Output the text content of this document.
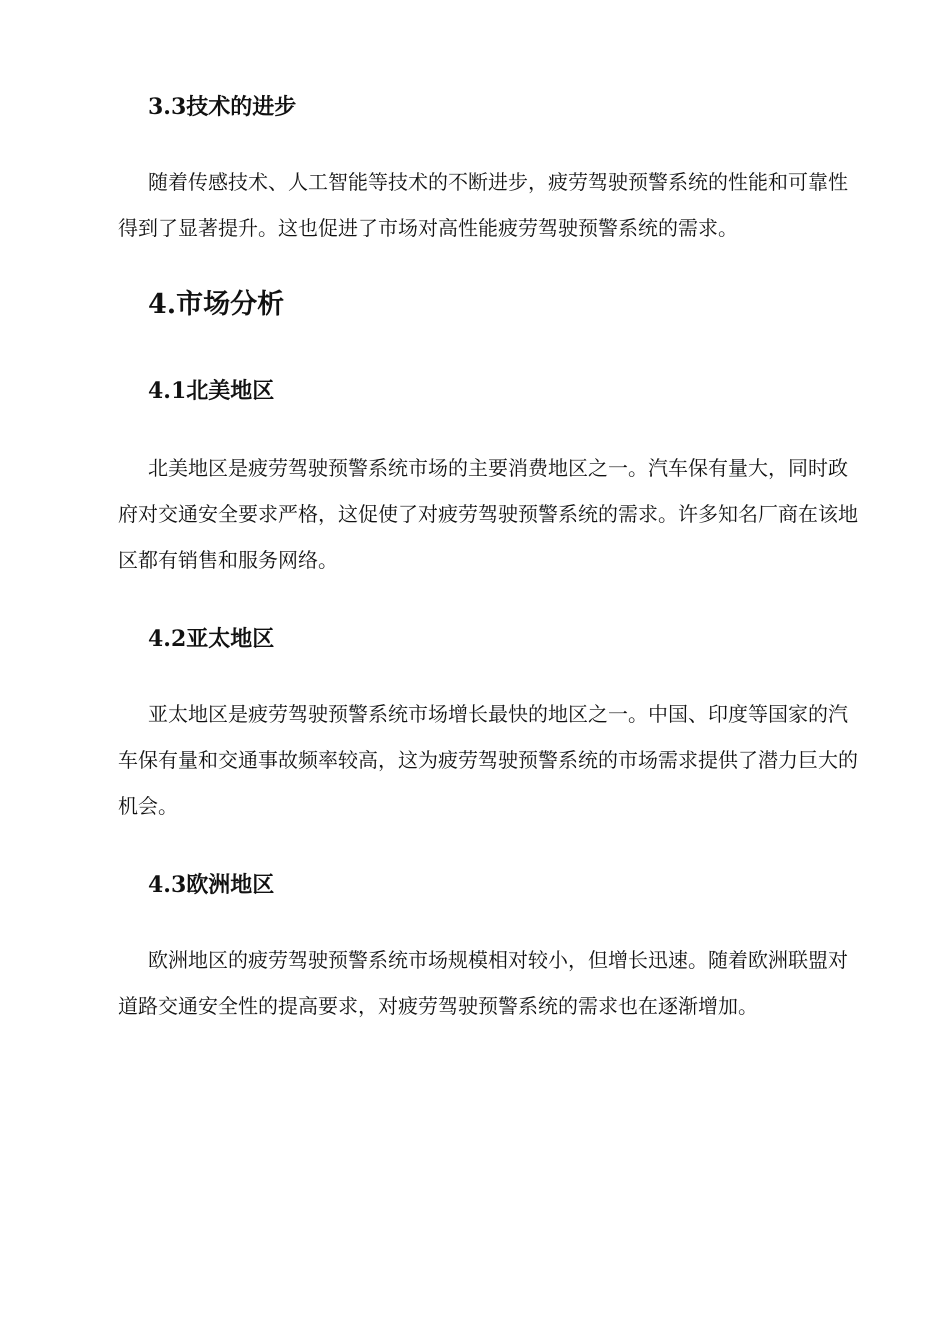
3.3技术的进步
随着传感技术、人工智能等技术的不断进步，疲劳驾驶预警系统的性能和可靠性
得到了显著提升。这也促进了市场对高性能疲劳驾驶预警系统的需求。
4.市场分析
4.1北美地区
北美地区是疲劳驾驶预警系统市场的主要消费地区之一。汽车保有量大，同时政
府对交通安全要求严格，这促使了对疲劳驾驶预警系统的需求。许多知名厂商在该地
区都有销售和服务网络。
4.2亚太地区
亚太地区是疲劳驾驶预警系统市场增长最快的地区之一。中国、印度等国家的汽
车保有量和交通事故频率较高，这为疲劳驾驶预警系统的市场需求提供了潜力巨大的
机会。
4.3欧洲地区
欧洲地区的疲劳驾驶预警系统市场规模相对较小，但增长迅速。随着欧洲联盟对
道路交通安全性的提高要求，对疲劳驾驶预警系统的需求也在逐渐增加。
